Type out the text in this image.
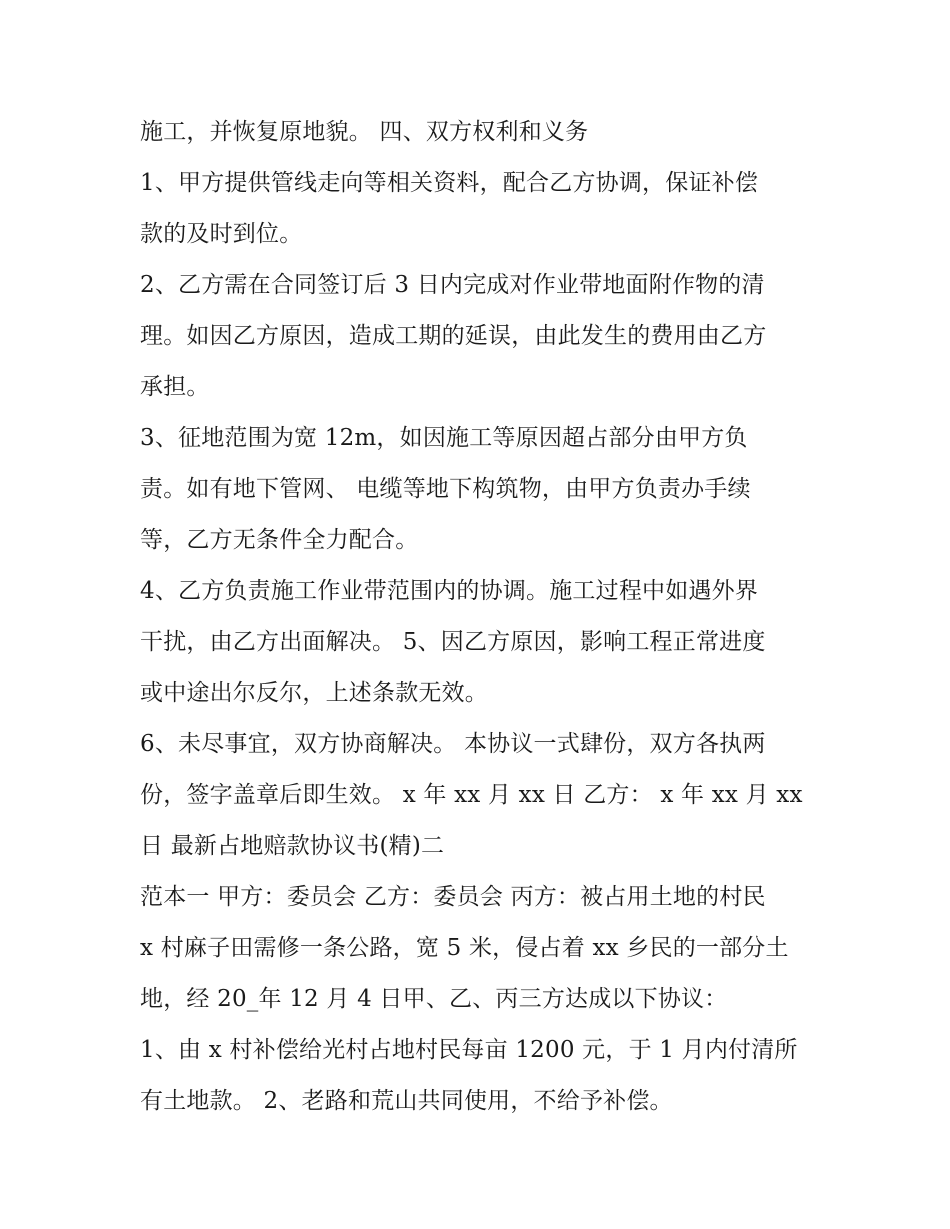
施工，并恢复原地貌。 四、双方权利和义务
1、甲方提供管线走向等相关资料，配合乙方协调，保证补偿
款的及时到位。
2、乙方需在合同签订后 3 日内完成对作业带地面附作物的清
理。如因乙方原因，造成工期的延误，由此发生的费用由乙方
承担。
3、征地范围为宽 12m，如因施工等原因超占部分由甲方负
责。如有地下管网、 电缆等地下构筑物，由甲方负责办手续
等，乙方无条件全力配合。
4、乙方负责施工作业带范围内的协调。施工过程中如遇外界
干扰，由乙方出面解决。 5、因乙方原因，影响工程正常进度
或中途出尔反尔，上述条款无效。
6、未尽事宜，双方协商解决。 本协议一式肆份，双方各执两
份，签字盖章后即生效。 x 年 xx 月 xx 日 乙方： x 年 xx 月 xx
日 最新占地赔款协议书(精)二
范本一 甲方：委员会 乙方：委员会 丙方：被占用土地的村民
x 村麻子田需修一条公路，宽 5 米，侵占着 xx 乡民的一部分土
地，经 20_年 12 月 4 日甲、乙、丙三方达成以下协议：
1、由 x 村补偿给光村占地村民每亩 1200 元，于 1 月内付清所
有土地款。 2、老路和荒山共同使用，不给予补偿。
